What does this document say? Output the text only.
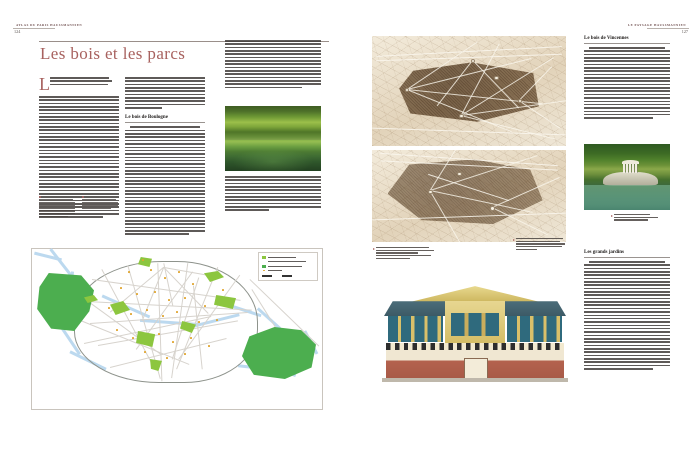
ATLAS DU PARIS HAUSSMANNIEN
124
Les bois et les parcs
L
Le bois de Boulogne
LE PAYSAGE HAUSSMANNIEN
127
Le bois de Vincennes
Les grands jardins
